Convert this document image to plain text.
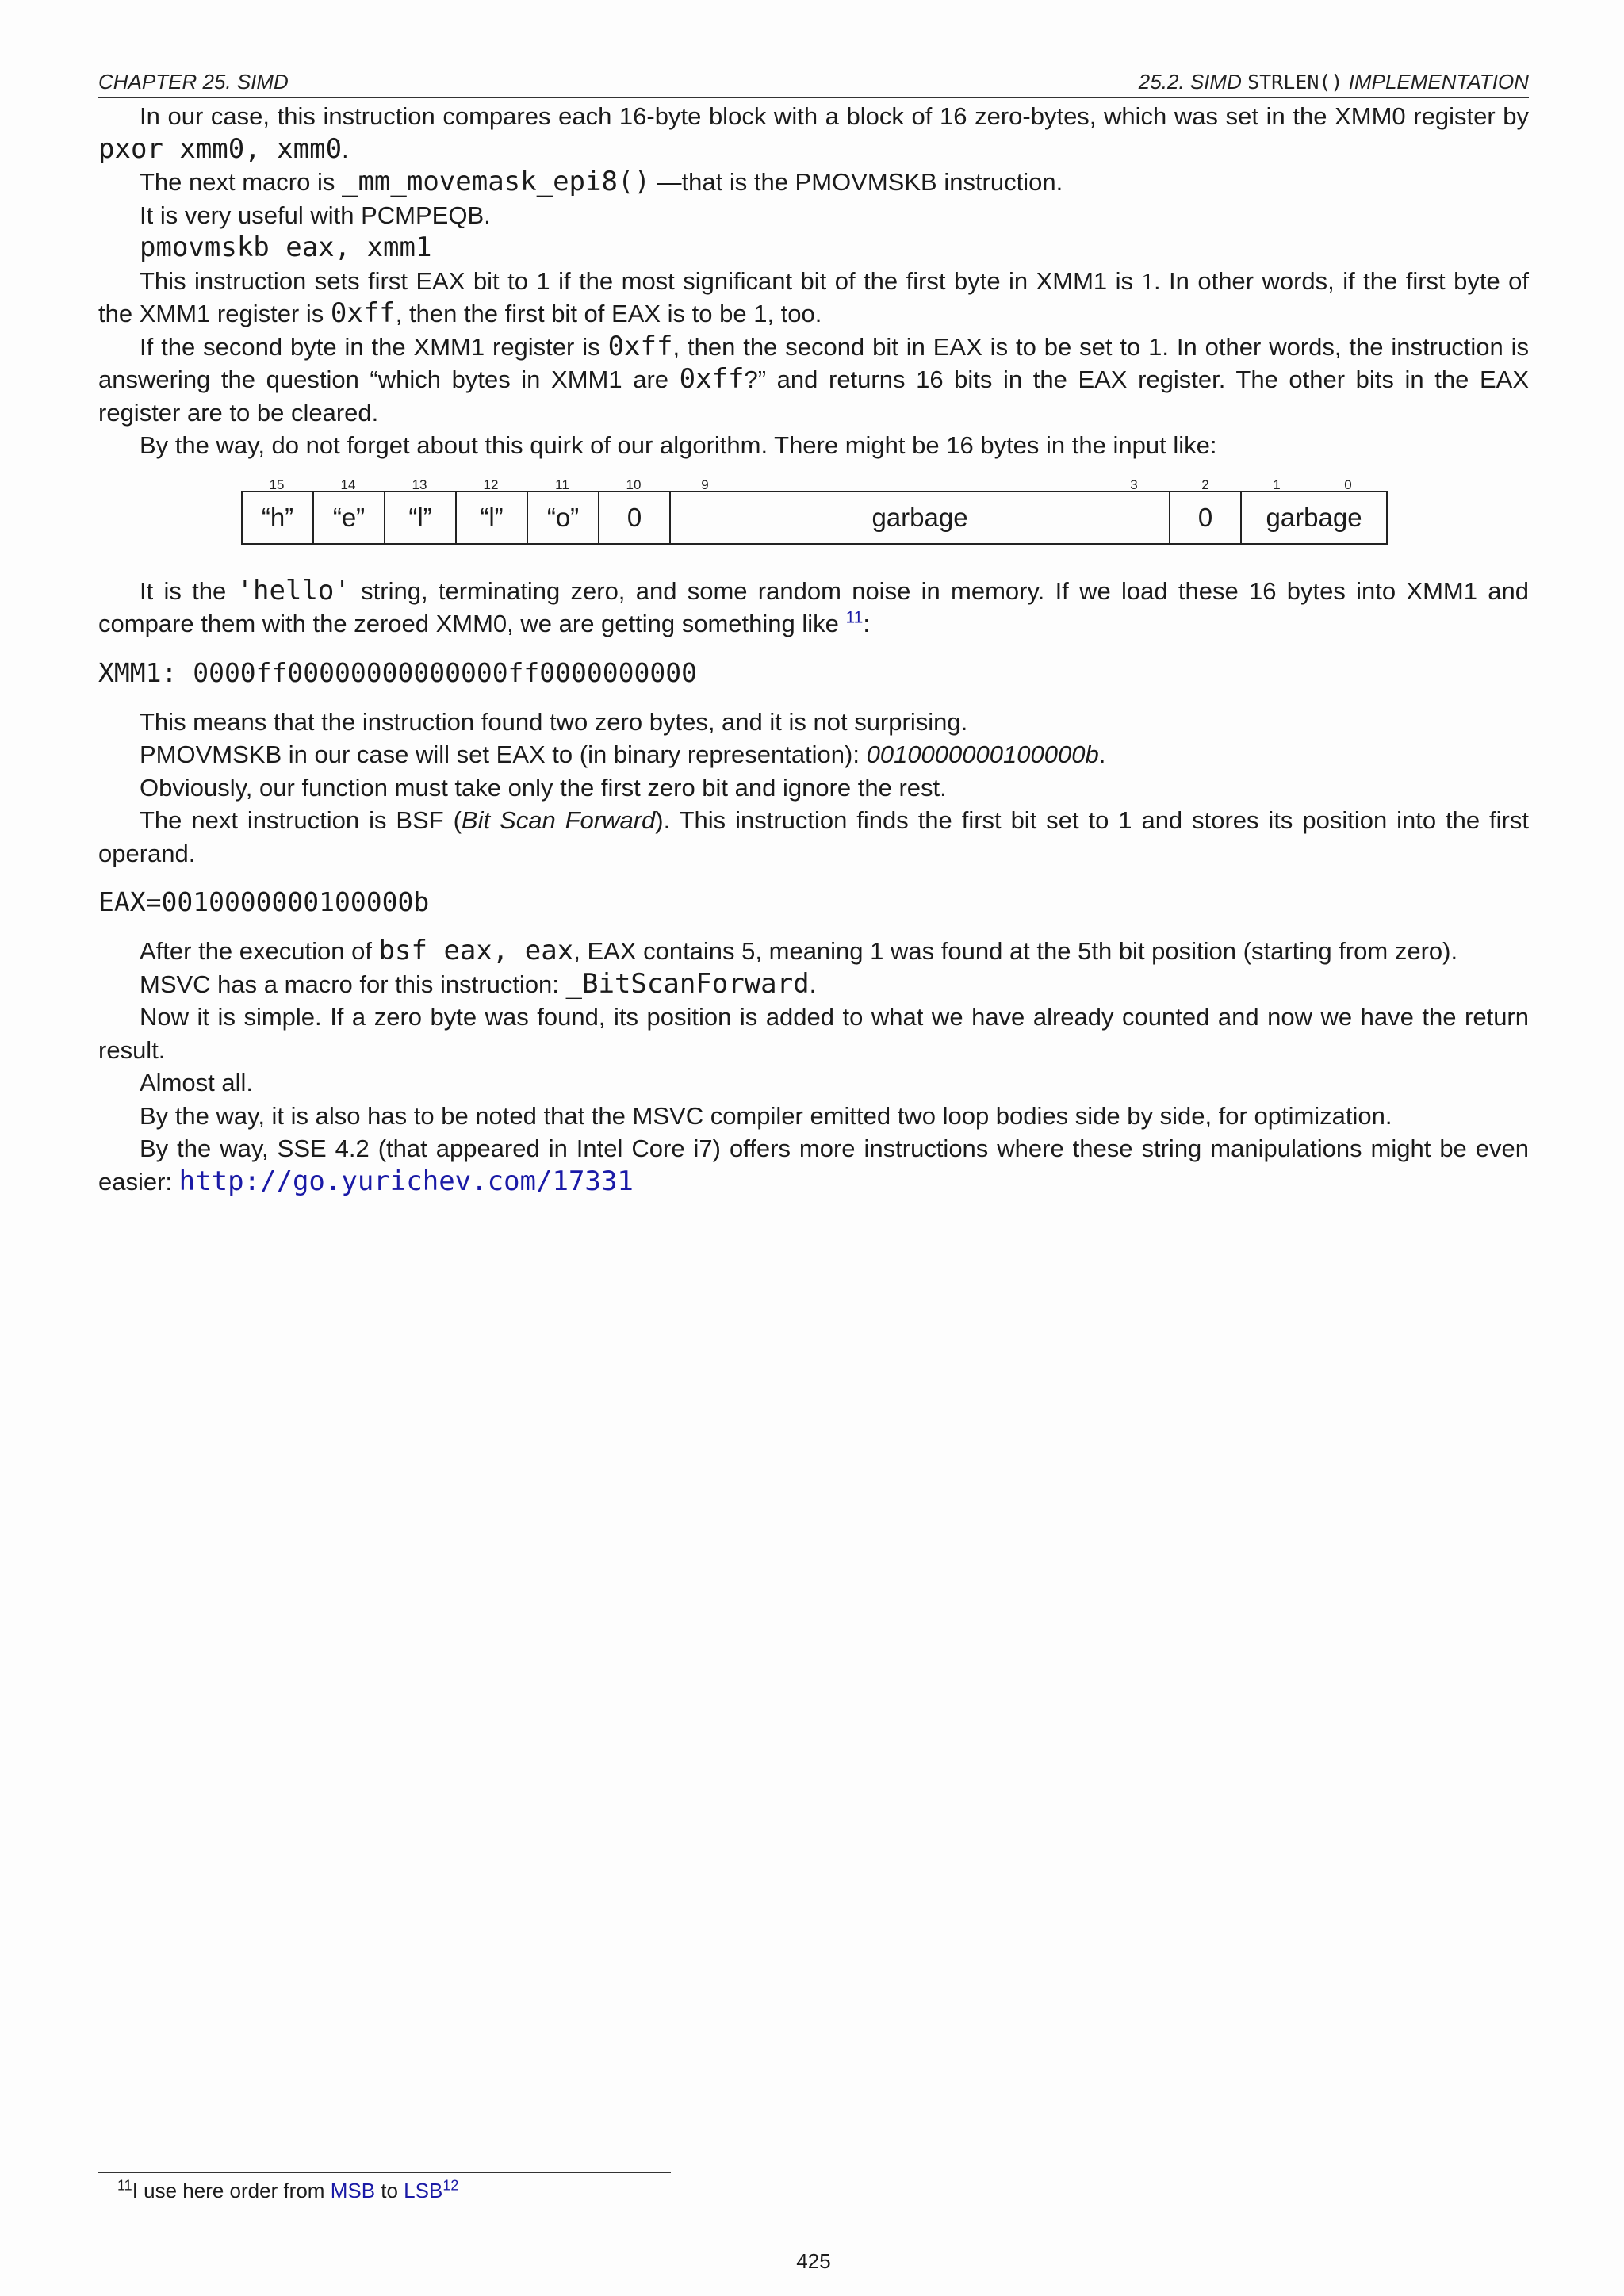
CHAPTER 25. SIMD	25.2. SIMD STRLEN() IMPLEMENTATION

In our case, this instruction compares each 16-byte block with a block of 16 zero-bytes, which was set in the XMM0 register by pxor xmm0, xmm0.

The next macro is _mm_movemask_epi8() —that is the PMOVMSKB instruction.

It is very useful with PCMPEQB.

pmovmskb eax, xmm1

This instruction sets first EAX bit to 1 if the most significant bit of the first byte in XMM1 is 1. In other words, if the first byte of the XMM1 register is 0xff, then the first bit of EAX is to be 1, too.

If the second byte in the XMM1 register is 0xff, then the second bit in EAX is to be set to 1. In other words, the instruction is answering the question “which bytes in XMM1 are 0xff?” and returns 16 bits in the EAX register. The other bits in the EAX register are to be cleared.

By the way, do not forget about this quirk of our algorithm. There might be 16 bytes in the input like:

15	14	13	12	11	10	9	3	2	1	0
“h”	“e”	“l”	“l”	“o”	0	garbage	0	garbage

It is the 'hello' string, terminating zero, and some random noise in memory. If we load these 16 bytes into XMM1 and compare them with the zeroed XMM0, we are getting something like $^{11}$:

XMM1: 0000ff00000000000000ff0000000000

This means that the instruction found two zero bytes, and it is not surprising.

PMOVMSKB in our case will set EAX to (in binary representation): 0010000000100000b.

Obviously, our function must take only the first zero bit and ignore the rest.

The next instruction is BSF (Bit Scan Forward). This instruction finds the first bit set to 1 and stores its position into the first operand.

EAX=0010000000100000b

After the execution of bsf eax, eax, EAX contains 5, meaning 1 was found at the 5th bit position (starting from zero).

MSVC has a macro for this instruction: _BitScanForward.

Now it is simple. If a zero byte was found, its position is added to what we have already counted and now we have the return result.

Almost all.

By the way, it is also has to be noted that the MSVC compiler emitted two loop bodies side by side, for optimization.

By the way, SSE 4.2 (that appeared in Intel Core i7) offers more instructions where these string manipulations might be even easier: http://go.yurichev.com/17331

$^{11}$I use here order from MSB to LSB$^{12}$
425
